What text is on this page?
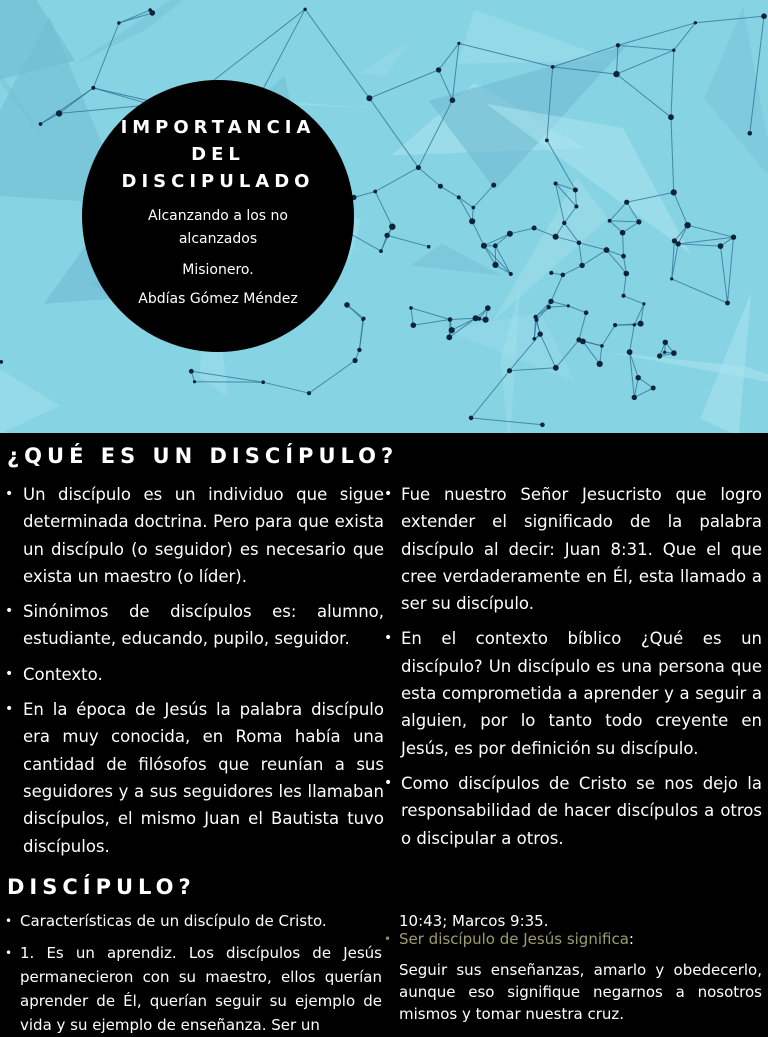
IMPORTANCIA
DEL
DISCIPULADO
Alcanzando a los no alcanzados
Misionero.
Abdías Gómez Méndez
¿QUÉ ES UN DISCÍPULO?
• Un discípulo es un individuo que sigue determinada doctrina. Pero para que exista un discípulo (o seguidor) es necesario que exista un maestro (o líder).
• Sinónimos de discípulos es: alumno, estudiante, educando, pupilo, seguidor.
• Contexto.
• En la época de Jesús la palabra discípulo era muy conocida, en Roma había una cantidad de filósofos que reunían a sus seguidores y a sus seguidores les llamaban discípulos, el mismo Juan el Bautista tuvo discípulos.
• Fue nuestro Señor Jesucristo que logro extender el significado de la palabra discípulo al decir: Juan 8:31. Que el que cree verdaderamente en Él, esta llamado a ser su discípulo.
• En el contexto bíblico ¿Qué es un discípulo? Un discípulo es una persona que esta comprometida a aprender y a seguir a alguien, por lo tanto todo creyente en Jesús, es por definición su discípulo.
• Como discípulos de Cristo se nos dejo la responsabilidad de hacer discípulos a otros o discipular a otros.
DISCÍPULO?
• Características de un discípulo de Cristo.
• 1. Es un aprendiz. Los discípulos de Jesús permanecieron con su maestro, ellos querían aprender de Él, querían seguir su ejemplo de vida y su ejemplo de enseñanza. Ser un
10:43; Marcos 9:35.
• Ser discípulo de Jesús significa:
Seguir sus enseñanzas, amarlo y obedecerlo, aunque eso signifique negarnos a nosotros mismos y tomar nuestra cruz.
